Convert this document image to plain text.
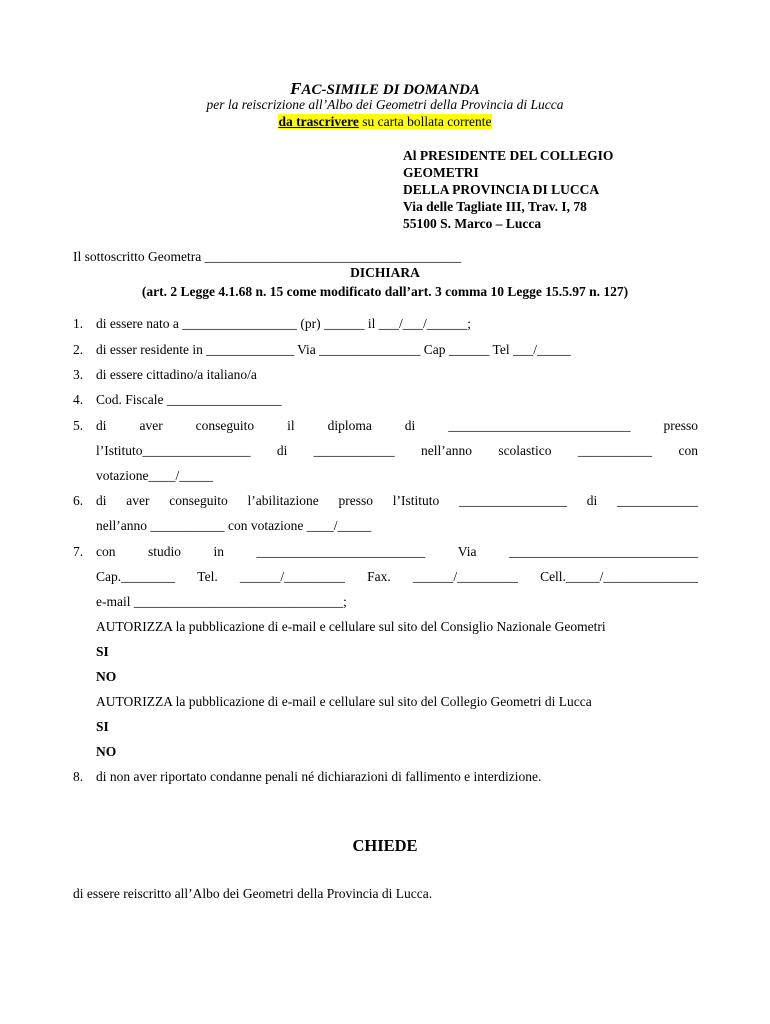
FAC-SIMILE DI DOMANDA
per la reiscrizione all’Albo dei Geometri della Provincia di Lucca
da trascrivere su carta bollata corrente
Al PRESIDENTE DEL COLLEGIO
GEOMETRI
DELLA PROVINCIA DI LUCCA
Via delle Tagliate III, Trav. I, 78
55100 S. Marco – Lucca
Il sottoscritto Geometra ______________________________________
DICHIARA
(art. 2 Legge 4.1.68 n. 15 come modificato dall’art. 3 comma 10 Legge 15.5.97 n. 127)
1. di essere nato a _________________ (pr) ______ il ___/___/______;
2. di esser residente in _____________ Via _______________ Cap ______ Tel ___/_____
3. di essere cittadino/a italiano/a
4. Cod. Fiscale _________________
5. di aver conseguito il diploma di ___________________________ presso
l’Istituto________________ di ____________ nell’anno scolastico ___________ con
votazione____/_____
6. di aver conseguito l’abilitazione presso l’Istituto ________________ di ____________
nell’anno ___________ con votazione ____/_____
7. con studio in _________________________ Via ____________________________
Cap.________ Tel. ______/_________ Fax. ______/_________ Cell._____/______________
e-mail _______________________________;
AUTORIZZA la pubblicazione di e-mail e cellulare sul sito del Consiglio Nazionale Geometri
SI
NO
AUTORIZZA la pubblicazione di e-mail e cellulare sul sito del Collegio Geometri di Lucca
SI
NO
8. di non aver riportato condanne penali né dichiarazioni di fallimento e interdizione.
CHIEDE
di essere reiscritto all’Albo dei Geometri della Provincia di Lucca.
